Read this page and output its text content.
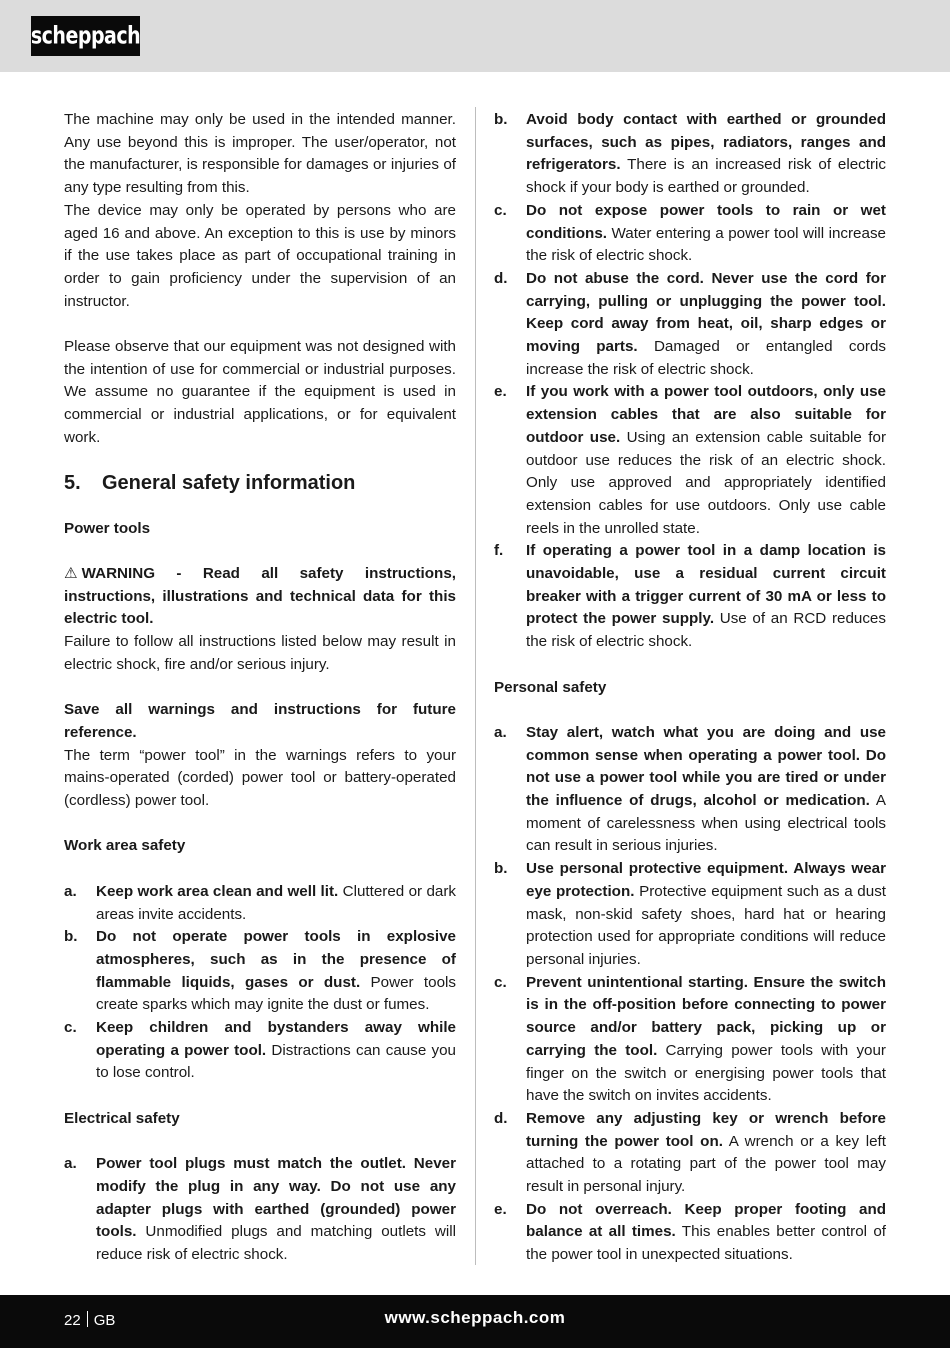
scheppach

The machine may only be used in the intended manner. Any use beyond this is improper. The user/operator, not the manufacturer, is responsible for damages or injuries of any type resulting from this.

The device may only be operated by persons who are aged 16 and above. An exception to this is use by minors if the use takes place as part of occupational training in order to gain proficiency under the supervision of an instructor.

Please observe that our equipment was not designed with the intention of use for commercial or industrial purposes. We assume no guarantee if the equipment is used in commercial or industrial applications, or for equivalent work.

5. General safety information

Power tools

⚠ WARNING - Read all safety instructions, instructions, illustrations and technical data for this electric tool.

Failure to follow all instructions listed below may result in electric shock, fire and/or serious injury.

Save all warnings and instructions for future reference.

The term “power tool” in the warnings refers to your mains-operated (corded) power tool or battery-operated (cordless) power tool.

Work area safety

a.	Keep work area clean and well lit. Cluttered or dark areas invite accidents.
b.	Do not operate power tools in explosive atmospheres, such as in the presence of flammable liquids, gases or dust. Power tools create sparks which may ignite the dust or fumes.
c.	Keep children and bystanders away while operating a power tool. Distractions can cause you to lose control.

Electrical safety

a.	Power tool plugs must match the outlet. Never modify the plug in any way. Do not use any adapter plugs with earthed (grounded) power tools. Unmodified plugs and matching outlets will reduce risk of electric shock.
b.	Avoid body contact with earthed or grounded surfaces, such as pipes, radiators, ranges and refrigerators. There is an increased risk of electric shock if your body is earthed or grounded.
c.	Do not expose power tools to rain or wet conditions. Water entering a power tool will increase the risk of electric shock.
d.	Do not abuse the cord. Never use the cord for carrying, pulling or unplugging the power tool. Keep cord away from heat, oil, sharp edges or moving parts. Damaged or entangled cords increase the risk of electric shock.
e.	If you work with a power tool outdoors, only use extension cables that are also suitable for outdoor use. Using an extension cable suitable for outdoor use reduces the risk of an electric shock. Only use approved and appropriately identified extension cables for use outdoors. Only use cable reels in the unrolled state.
f.	If operating a power tool in a damp location is unavoidable, use a residual current circuit breaker with a trigger current of 30 mA or less to protect the power supply. Use of an RCD reduces the risk of electric shock.

Personal safety

a.	Stay alert, watch what you are doing and use common sense when operating a power tool. Do not use a power tool while you are tired or under the influence of drugs, alcohol or medication. A moment of carelessness when using electrical tools can result in serious injuries.
b.	Use personal protective equipment. Always wear eye protection. Protective equipment such as a dust mask, non-skid safety shoes, hard hat or hearing protection used for appropriate conditions will reduce personal injuries.
c.	Prevent unintentional starting. Ensure the switch is in the off-position before connecting to power source and/or battery pack, picking up or carrying the tool. Carrying power tools with your finger on the switch or energising power tools that have the switch on invites accidents.
d.	Remove any adjusting key or wrench before turning the power tool on. A wrench or a key left attached to a rotating part of the power tool may result in personal injury.
e.	Do not overreach. Keep proper footing and balance at all times. This enables better control of the power tool in unexpected situations.
22 GB	www.scheppach.com
